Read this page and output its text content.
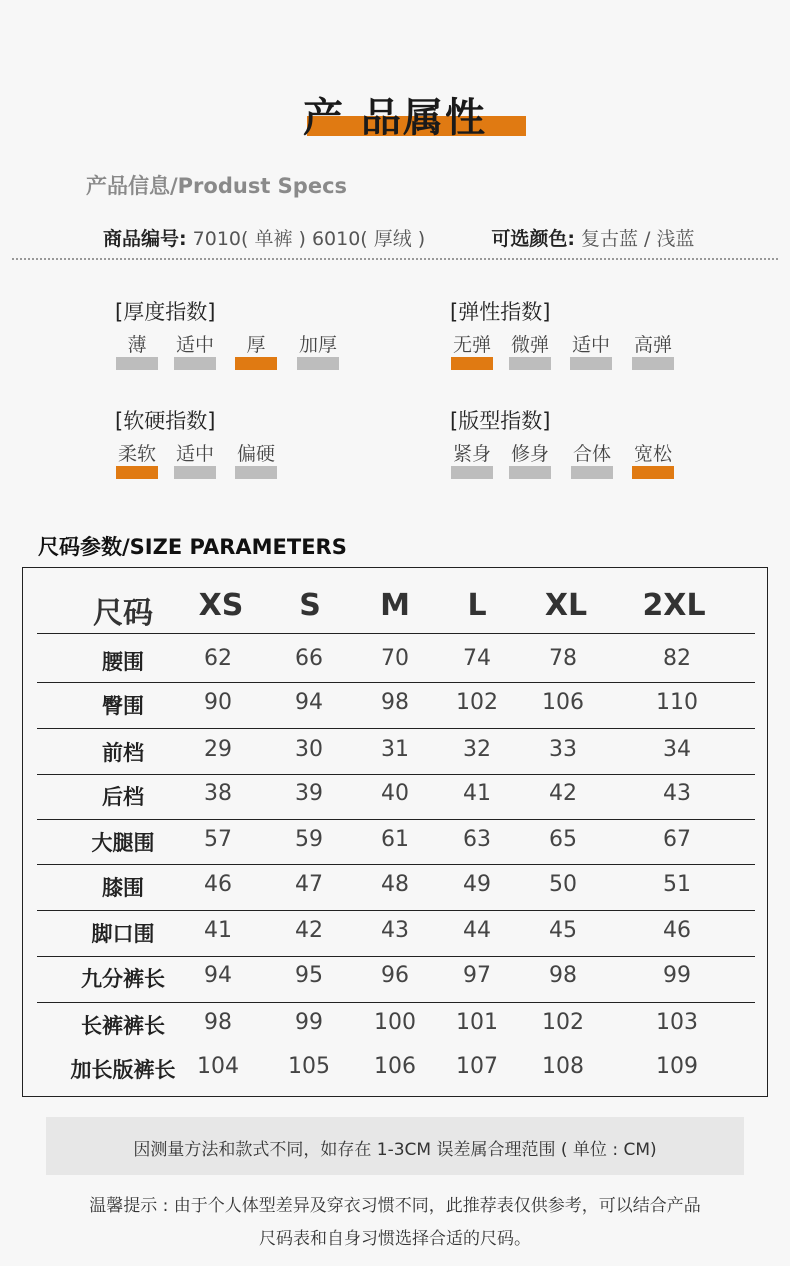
产 品属性
产品信息/Produst Specs
商品编号: 7010( 单裤 ) 6010( 厚绒 )	可选颜色: 复古蓝 / 浅蓝
[厚度指数]
薄	适中	厚	加厚
[弹性指数]
无弹 微弹 适中 高弹
[软硬指数]
柔软 适中 偏硬
[版型指数]
紧身 修身 合体 宽松
尺码参数/SIZE PARAMETERS
尺码 XS S M L XL 2XL
腰围	62	66	70 74	78	82
臀围	90	94	98 102 106	110
前档	29	30	31 32	33	34
后档	38	39	40 41	42	43
大腿围 57	59	61 63	65	67
膝围	46	47	48 49	50	51
脚口围 41	42	43 44	45	46
九分裤长 94	95	96 97	98	99
长裤裤长 98	99 100 101 102	103
加长版裤长 104 105 106 107 108	109
因测量方法和款式不同，如存在 1-3CM 误差属合理范围 ( 单位 : CM)
温馨提示 : 由于个人体型差异及穿衣习惯不同，此推荐表仅供参考，可以结合产品
尺码表和自身习惯选择合适的尺码。
